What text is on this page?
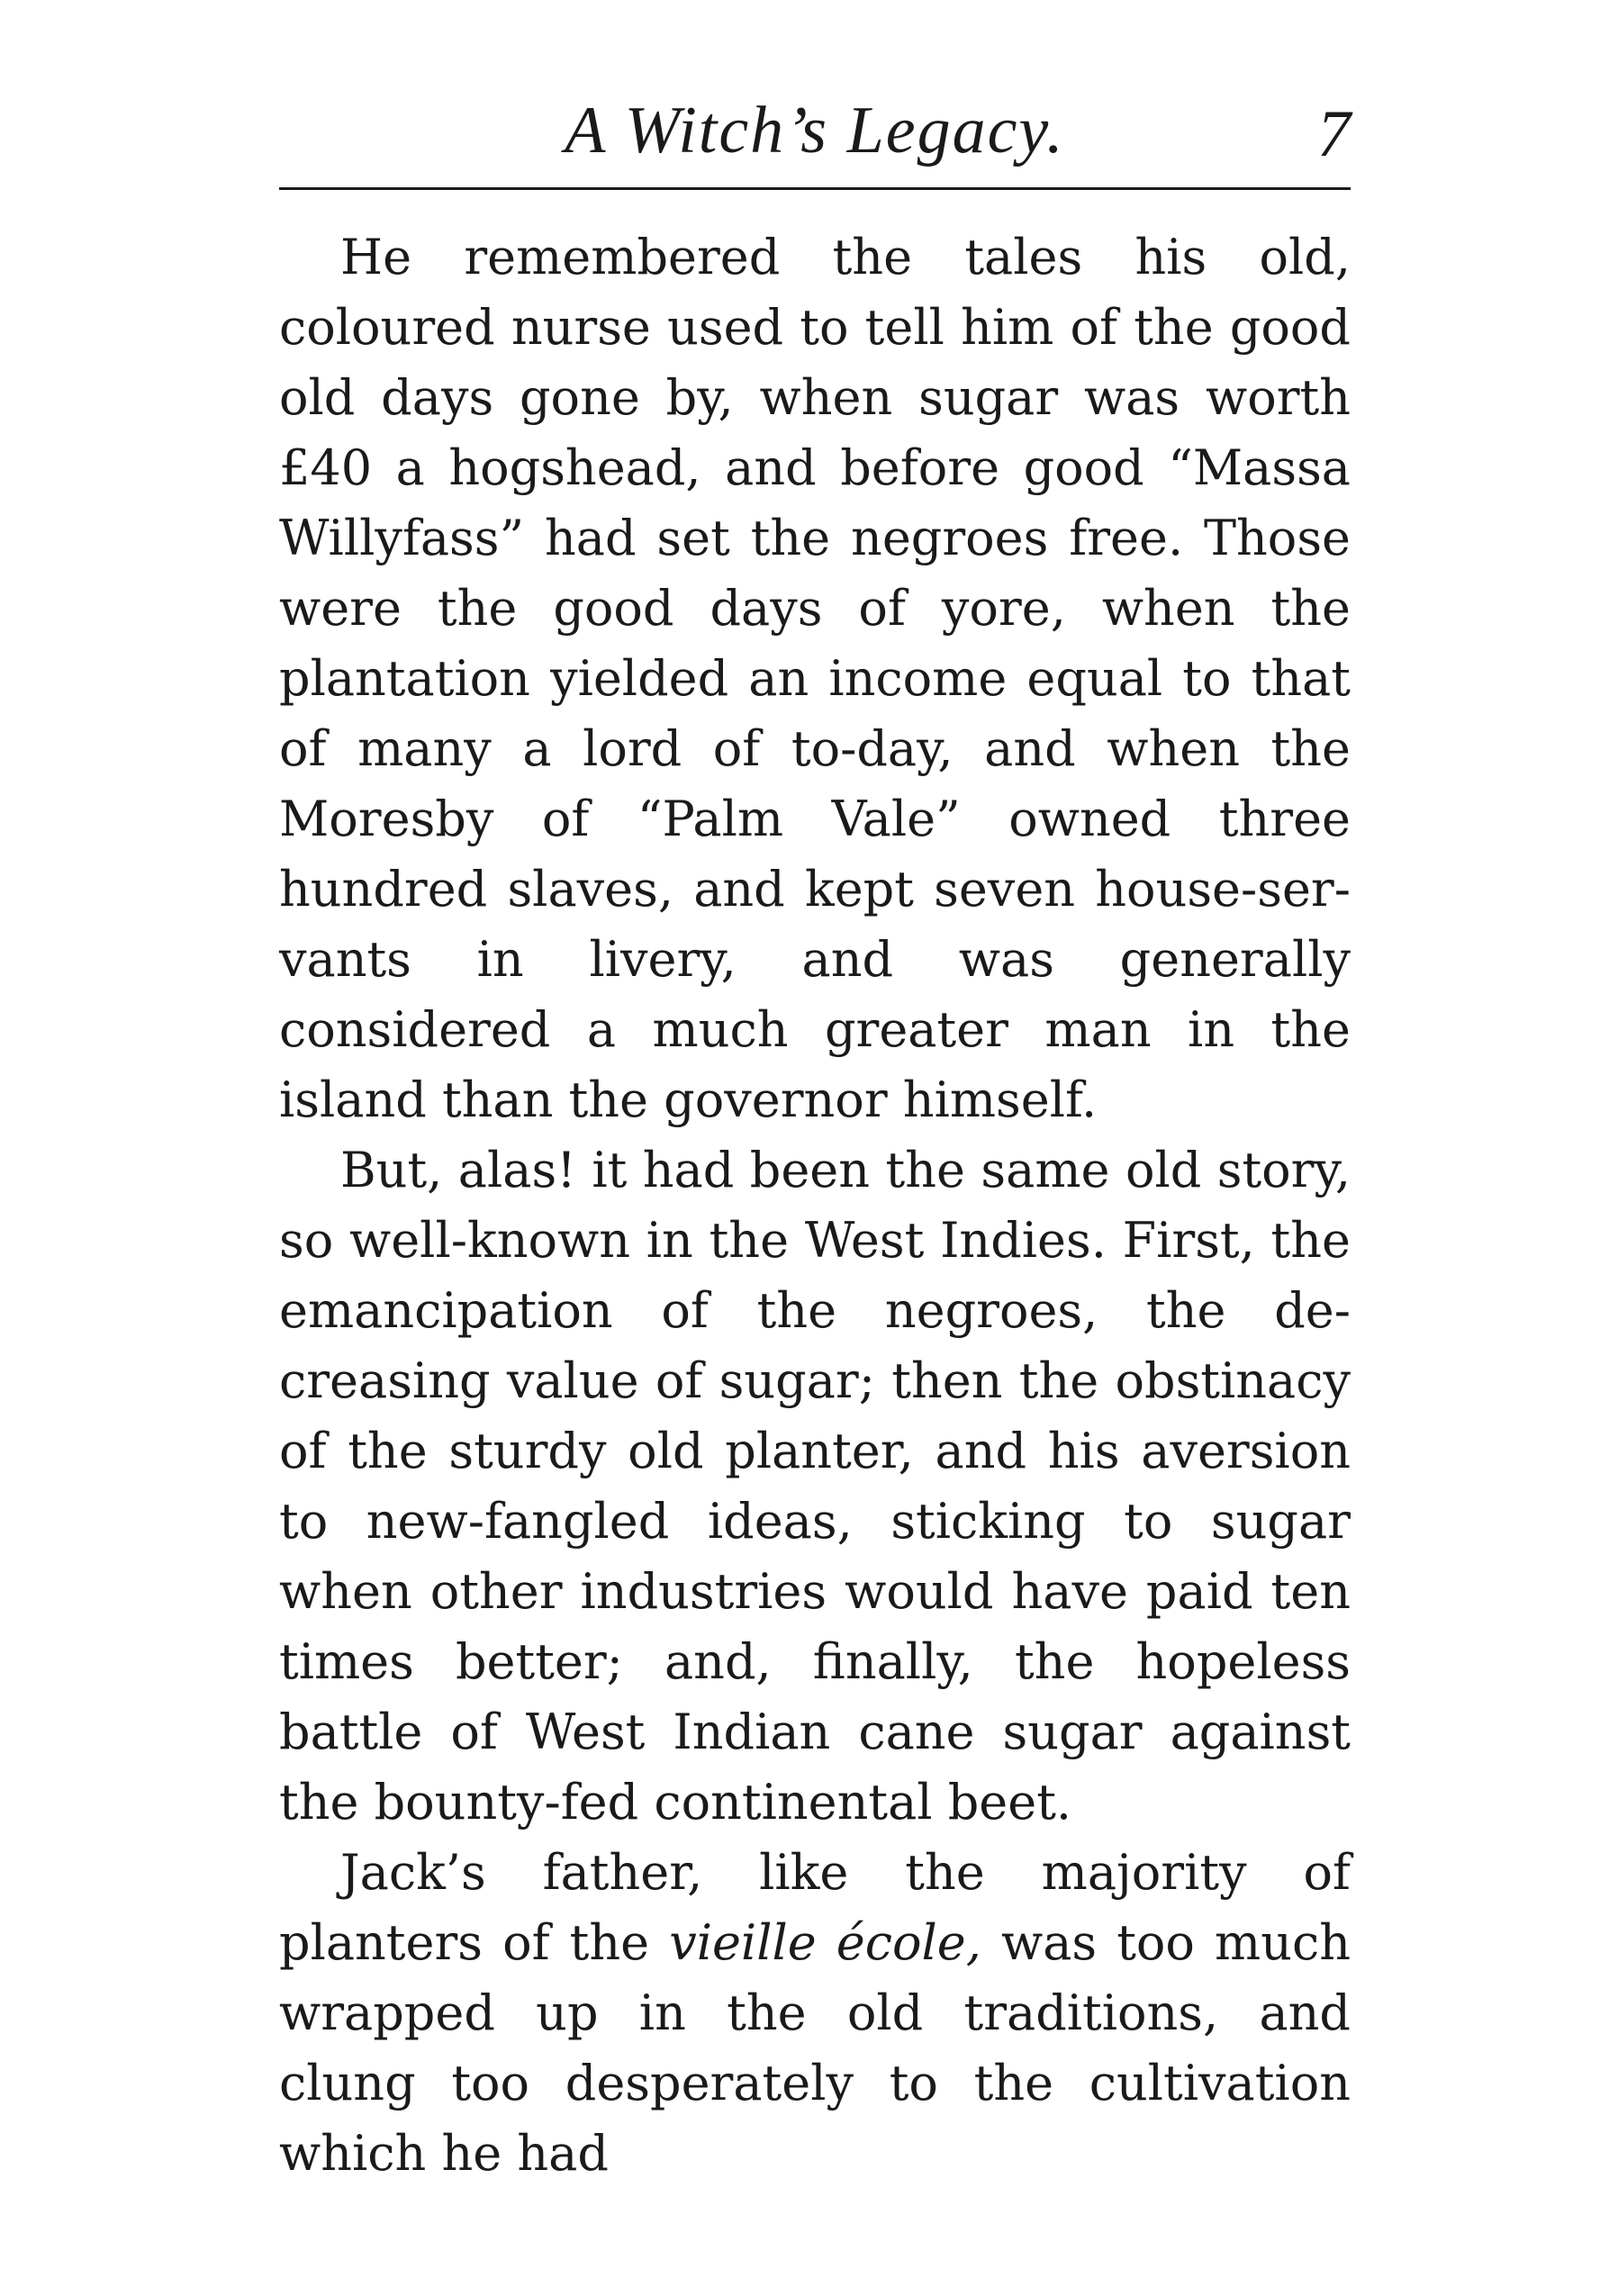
A Witch’s Legacy.	7

He remembered the tales his old, coloured nurse used to tell him of the good old days gone by, when sugar was worth £40 a hogshead, and before good “Massa Willyfass” had set the negroes free. Those were the good days of yore, when the plantation yielded an income equal to that of many a lord of to-day, and when the Moresby of “Palm Vale” owned three hundred slaves, and kept seven house-servants in livery, and was generally considered a much greater man in the island than the governor himself.

But, alas! it had been the same old story, so well-known in the West Indies. First, the emancipation of the negroes, the decreasing value of sugar; then the obstinacy of the sturdy old planter, and his aversion to new-fangled ideas, sticking to sugar when other industries would have paid ten times better; and, finally, the hopeless battle of West Indian cane sugar against the bounty-fed continental beet.

Jack’s father, like the majority of planters of the vieille école, was too much wrapped up in the old traditions, and clung too desperately to the cultivation which he had
